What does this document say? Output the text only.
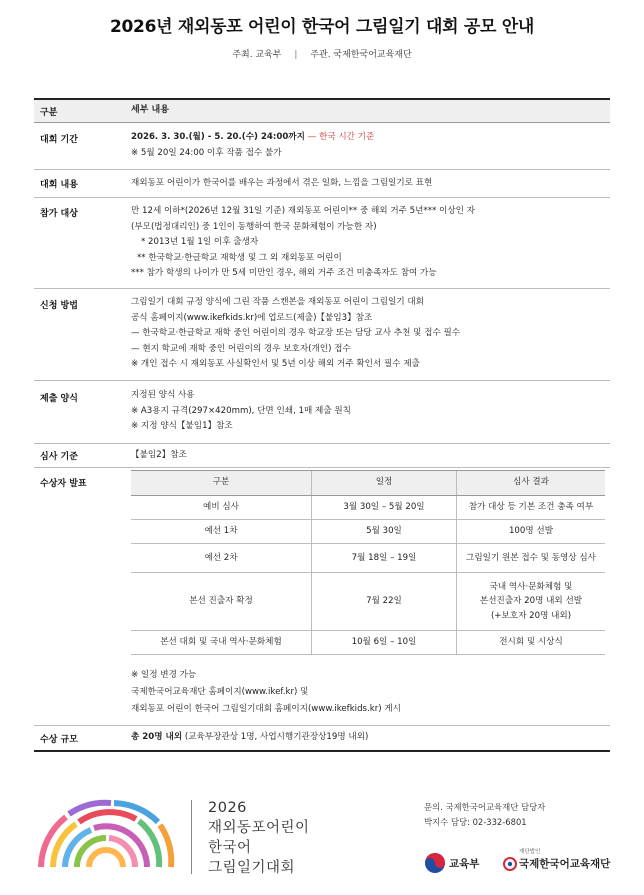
2026년 재외동포 어린이 한국어 그림일기 대회 공모 안내
주최. 교육부 | 주관. 국제한국어교육재단
구분	세부 내용
대회 기간	2026. 3. 30.(월) - 5. 20.(수) 24:00까지 — 한국 시간 기준
※ 5월 20일 24:00 이후 작품 접수 불가
대회 내용	재외동포 어린이가 한국어를 배우는 과정에서 겪은 일화, 느낌을 그림일기로 표현
참가 대상	만 12세 이하*(2026년 12월 31일 기준) 재외동포 어린이** 중 해외 거주 5년*** 이상인 자
(부모(법정대리인) 중 1인이 동행하여 한국 문화체험이 가능한 자)
* 2013년 1월 1일 이후 출생자
** 한국학교·한글학교 재학생 및 그 외 재외동포 어린이
*** 참가 학생의 나이가 만 5세 미만인 경우, 해외 거주 조건 미충족자도 참여 가능
신청 방법	그림일기 대회 규정 양식에 그린 작품 스캔본을 재외동포 어린이 그림일기 대회
공식 홈페이지(www.ikefkids.kr)에 업로드(제출)【붙임3】참조
— 한국학교·한글학교 재학 중인 어린이의 경우 학교장 또는 담당 교사 추천 및 접수 필수
— 현지 학교에 재학 중인 어린이의 경우 보호자(개인) 접수
※ 개인 접수 시 재외동포 사실확인서 및 5년 이상 해외 거주 확인서 필수 제출
제출 양식	지정된 양식 사용
※ A3용지 규격(297×420mm), 단면 인쇄, 1매 제출 원칙
※ 지정 양식【붙임1】참조
심사 기준	【붙임2】참조
수상자 발표	구분	일정	심사 결과
예비 심사	3월 30일 – 5월 20일	참가 대상 등 기본 조건 충족 여부
예선 1차	5월 30일	100명 선발
예선 2차	7월 18일 – 19일	그림일기 원본 접수 및 동영상 심사
본선 진출자 확정	7월 22일	국내 역사·문화체험 및
본선진출자 20명 내외 선발
(+보호자 20명 내외)

본선 대회 및 국내 역사·문화체험	10월 6일 – 10일	전시회 및 시상식
※ 일정 변경 가능
국제한국어교육재단 홈페이지(www.ikef.kr) 및
재외동포 어린이 한국어 그림일기대회 홈페이지(www.ikefkids.kr) 게시
수상 규모	총 20명 내외 (교육부장관상 1명, 사업시행기관장상19명 내외)
2026
재외동포어린이
한국어
그림일기대회
문의. 국제한국어교육재단 담당자
박지수 담당: 02-332-6801
교육부
재단법인
국제한국어교육재단
